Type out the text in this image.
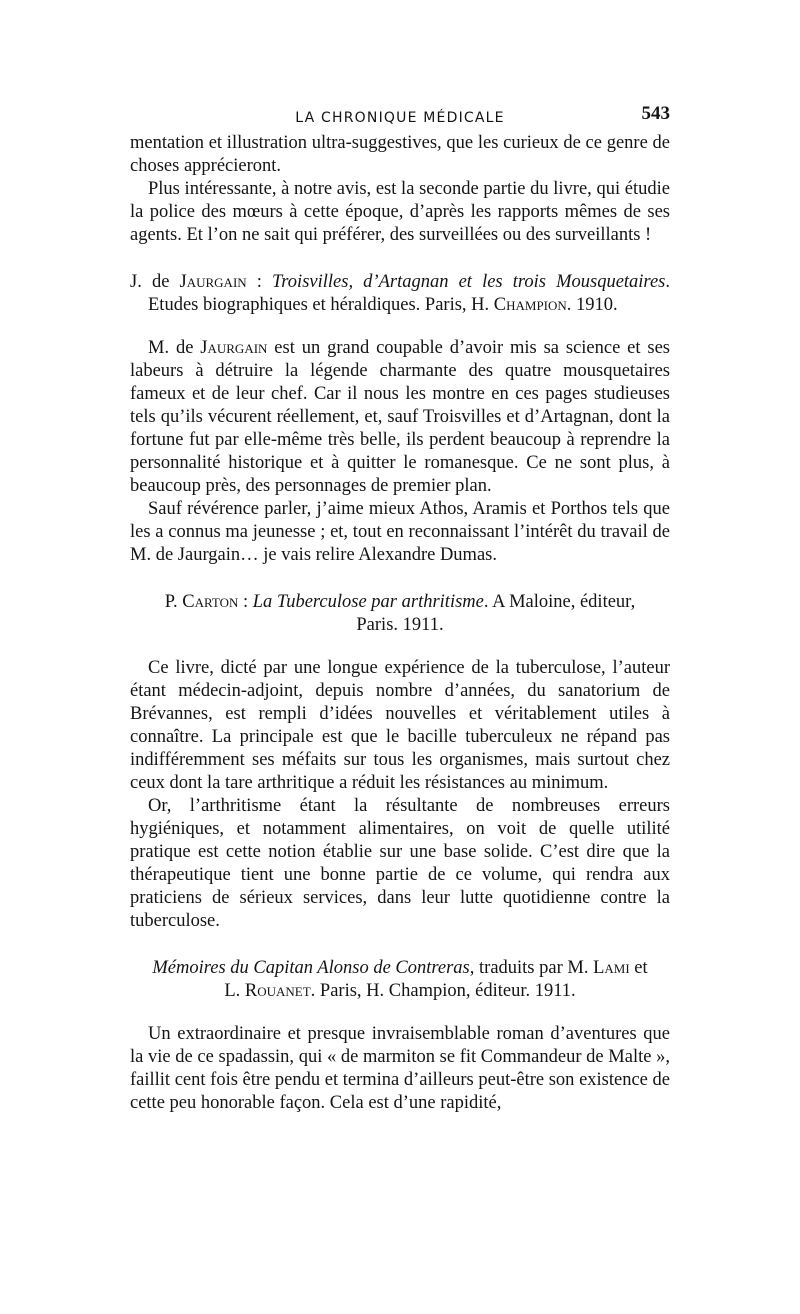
LA CHRONIQUE MÉDICALE	543

mentation et illustration ultra-suggestives, que les curieux de ce genre de choses apprécieront.

Plus intéressante, à notre avis, est la seconde partie du livre, qui étudie la police des mœurs à cette époque, d’après les rapports mêmes de ses agents. Et l’on ne sait qui préférer, des surveillées ou des surveillants !

J. de Jaurgain : Troisvilles, d’Artagnan et les trois Mousquetaires. Etudes biographiques et héraldiques. Paris, H. Champion. 1910.

M. de Jaurgain est un grand coupable d’avoir mis sa science et ses labeurs à détruire la légende charmante des quatre mousquetaires fameux et de leur chef. Car il nous les montre en ces pages studieuses tels qu’ils vécurent réellement, et, sauf Troisvilles et d’Artagnan, dont la fortune fut par elle-même très belle, ils perdent beaucoup à reprendre la personnalité historique et à quitter le romanesque. Ce ne sont plus, à beaucoup près, des personnages de premier plan.

Sauf révérence parler, j’aime mieux Athos, Aramis et Porthos tels que les a connus ma jeunesse ; et, tout en reconnaissant l’intérêt du travail de M. de Jaurgain… je vais relire Alexandre Dumas.

P. Carton : La Tuberculose par arthritisme. A Maloine, éditeur,

Paris. 1911.

Ce livre, dicté par une longue expérience de la tuberculose, l’auteur étant médecin-adjoint, depuis nombre d’années, du sanatorium de Brévannes, est rempli d’idées nouvelles et véritablement utiles à connaître. La principale est que le bacille tuberculeux ne répand pas indifféremment ses méfaits sur tous les organismes, mais surtout chez ceux dont la tare arthritique a réduit les résistances au minimum.

Or, l’arthritisme étant la résultante de nombreuses erreurs hygiéniques, et notamment alimentaires, on voit de quelle utilité pratique est cette notion établie sur une base solide. C’est dire que la thérapeutique tient une bonne partie de ce volume, qui rendra aux praticiens de sérieux services, dans leur lutte quotidienne contre la tuberculose.

Mémoires du Capitan Alonso de Contreras, traduits par M. Lami et

L. Rouanet. Paris, H. Champion, éditeur. 1911.

Un extraordinaire et presque invraisemblable roman d’aventures que la vie de ce spadassin, qui « de marmiton se fit Commandeur de Malte », faillit cent fois être pendu et termina d’ailleurs peut-être son existence de cette peu honorable façon. Cela est d’une rapidité,
